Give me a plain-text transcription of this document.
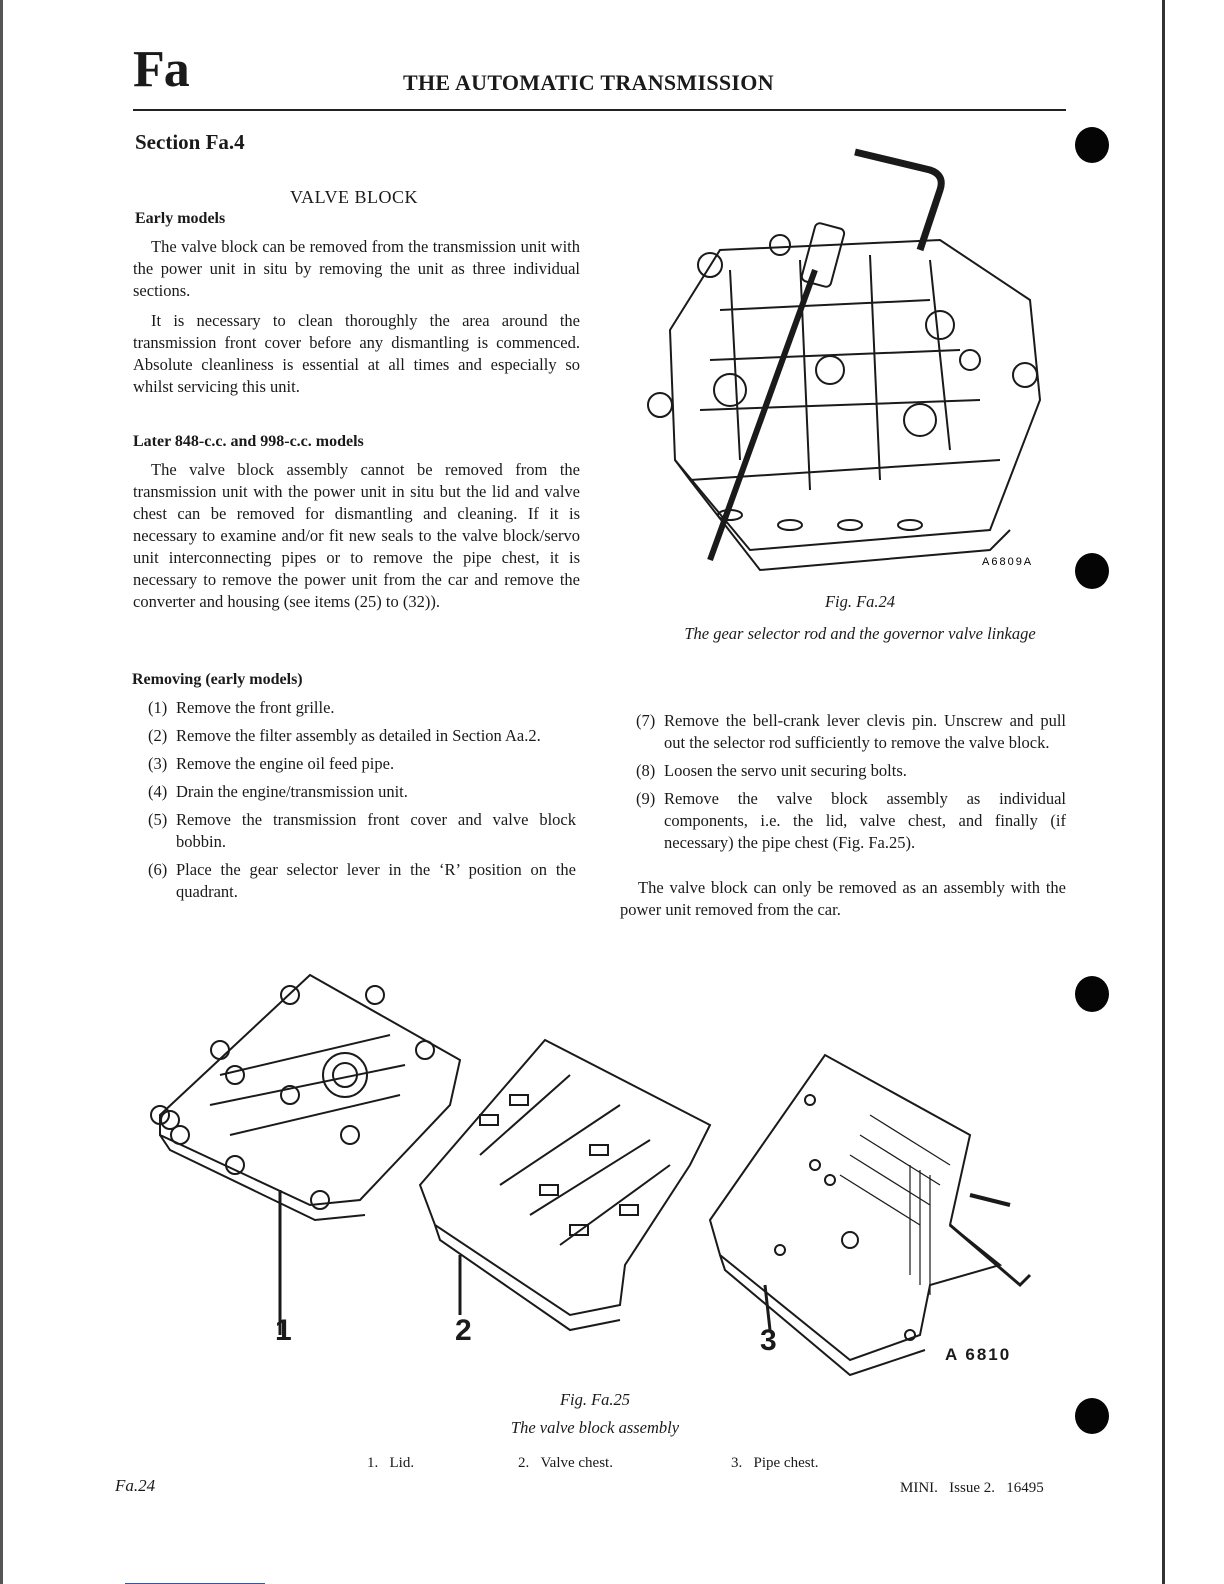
Fa	THE AUTOMATIC TRANSMISSION
Section Fa.4
VALVE BLOCK
Early models

The valve block can be removed from the transmission unit with the power unit in situ by removing the unit as three individual sections.

It is necessary to clean thoroughly the area around the transmission front cover before any dismantling is commenced. Absolute cleanliness is essential at all times and especially so whilst servicing this unit.

Later 848-c.c. and 998-c.c. models

The valve block assembly cannot be removed from the transmission unit with the power unit in situ but the lid and valve chest can be removed for dismantling and cleaning. If it is necessary to examine and/or fit new seals to the valve block/servo unit interconnecting pipes or to remove the pipe chest, it is necessary to remove the power unit from the car and remove the converter and housing (see items (25) to (32)).

Removing (early models)
(1) Remove the front grille.
(2) Remove the filter assembly as detailed in Section Aa.2.
(3) Remove the engine oil feed pipe.
(4) Drain the engine/transmission unit.
(5) Remove the transmission front cover and valve block bobbin.
(6) Place the gear selector lever in the ‘R’ position on the quadrant.
A6809A
Fig. Fa.24
The gear selector rod and the governor valve linkage
(7) Remove the bell-crank lever clevis pin. Unscrew and pull out the selector rod sufficiently to remove the valve block.
(8) Loosen the servo unit securing bolts.
(9) Remove the valve block assembly as individual components, i.e. the lid, valve chest, and finally (if necessary) the pipe chest (Fig. Fa.25).

The valve block can only be removed as an assembly with the power unit removed from the car.

1	2	3	A 6810
Fig. Fa.25
The valve block assembly
1. Lid.	2. Valve chest.	3. Pipe chest.
Fa.24	MINI. Issue 2. 16495
